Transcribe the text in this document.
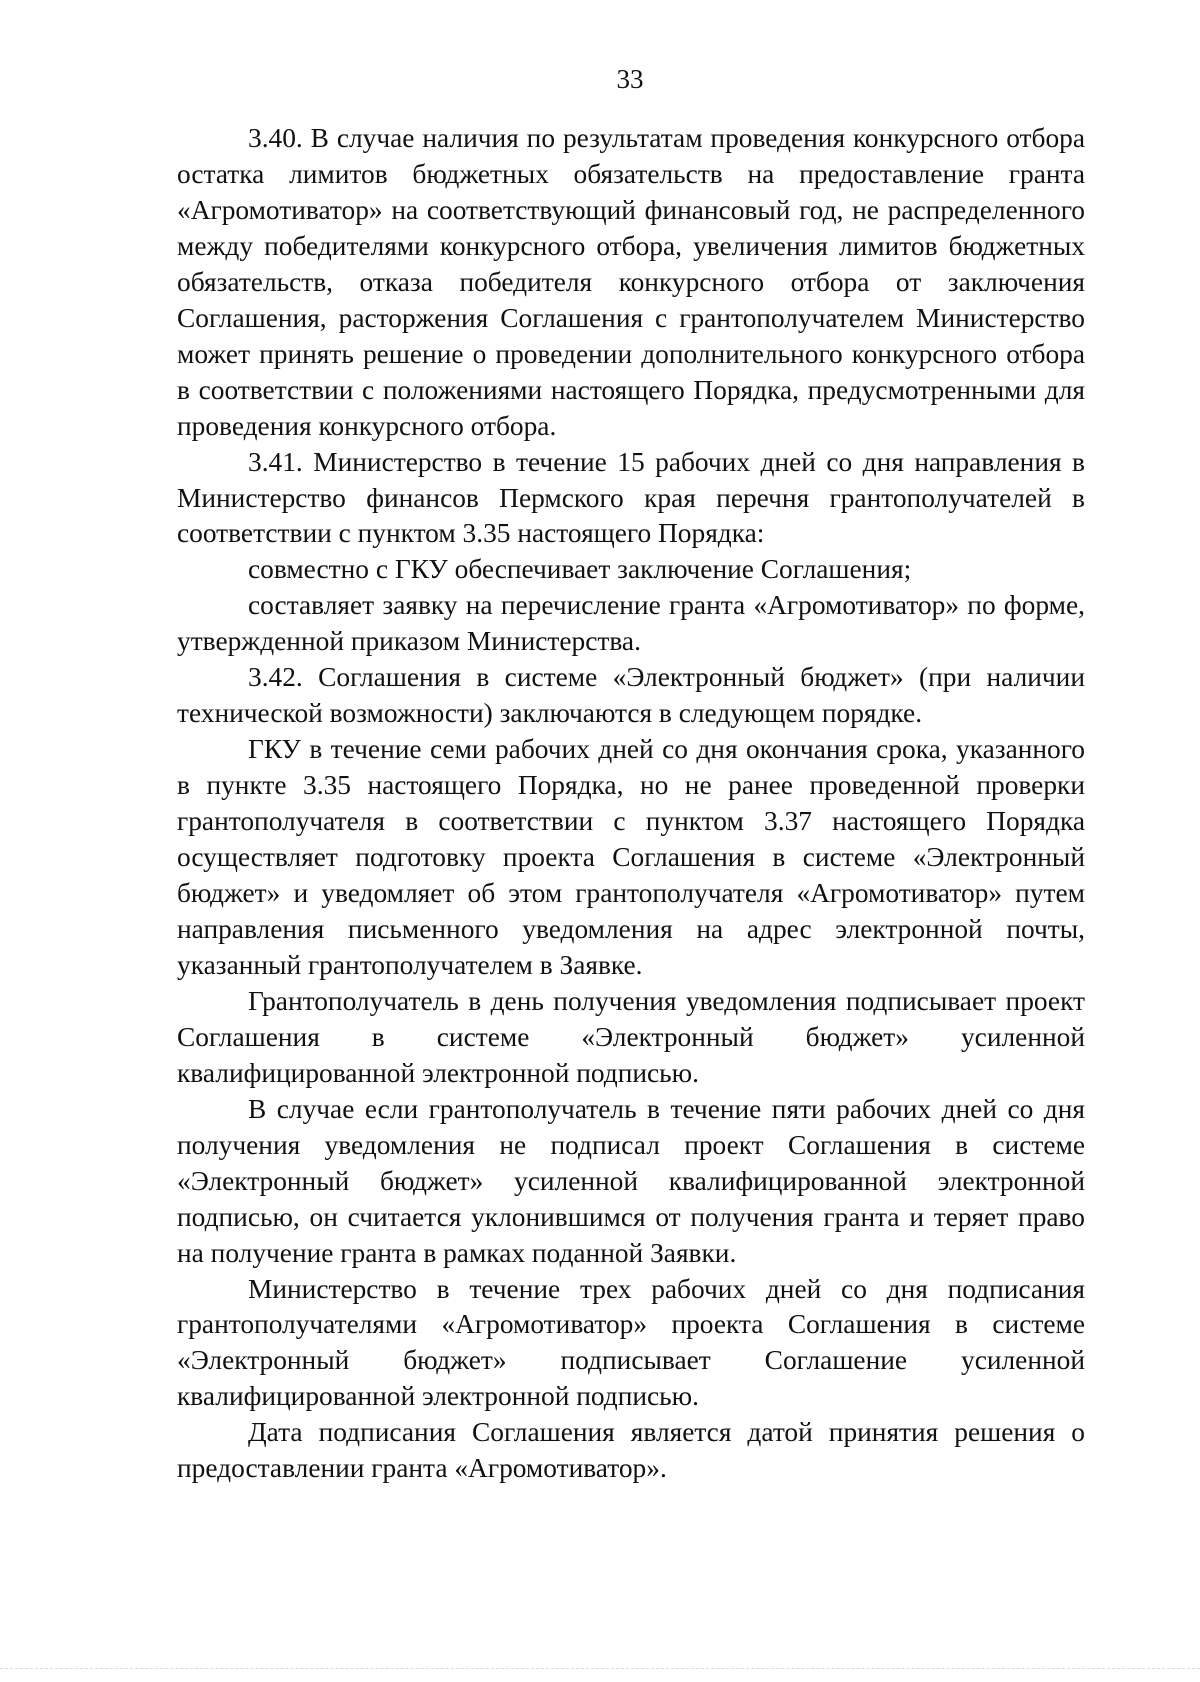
33

3.40. В случае наличия по результатам проведения конкурсного отбора остатка лимитов бюджетных обязательств на предоставление гранта «Агромотиватор» на соответствующий финансовый год, не распределенного между победителями конкурсного отбора, увеличения лимитов бюджетных обязательств, отказа победителя конкурсного отбора от заключения Соглашения, расторжения Соглашения с грантополучателем Министерство может принять решение о проведении дополнительного конкурсного отбора в соответствии с положениями настоящего Порядка, предусмотренными для проведения конкурсного отбора.

3.41. Министерство в течение 15 рабочих дней со дня направления в Министерство финансов Пермского края перечня грантополучателей в соответствии с пунктом 3.35 настоящего Порядка:

совместно с ГКУ обеспечивает заключение Соглашения;

составляет заявку на перечисление гранта «Агромотиватор» по форме, утвержденной приказом Министерства.

3.42. Соглашения в системе «Электронный бюджет» (при наличии технической возможности) заключаются в следующем порядке.

ГКУ в течение семи рабочих дней со дня окончания срока, указанного в пункте 3.35 настоящего Порядка, но не ранее проведенной проверки грантополучателя в соответствии с пунктом 3.37 настоящего Порядка осуществляет подготовку проекта Соглашения в системе «Электронный бюджет» и уведомляет об этом грантополучателя «Агромотиватор» путем направления письменного уведомления на адрес электронной почты, указанный грантополучателем в Заявке.

Грантополучатель в день получения уведомления подписывает проект Соглашения в системе «Электронный бюджет» усиленной квалифицированной электронной подписью.

В случае если грантополучатель в течение пяти рабочих дней со дня получения уведомления не подписал проект Соглашения в системе «Электронный бюджет» усиленной квалифицированной электронной подписью, он считается уклонившимся от получения гранта и теряет право на получение гранта в рамках поданной Заявки.

Министерство в течение трех рабочих дней со дня подписания грантополучателями «Агромотиватор» проекта Соглашения в системе «Электронный бюджет» подписывает Соглашение усиленной квалифицированной электронной подписью.

Дата подписания Соглашения является датой принятия решения о предоставлении гранта «Агромотиватор».
